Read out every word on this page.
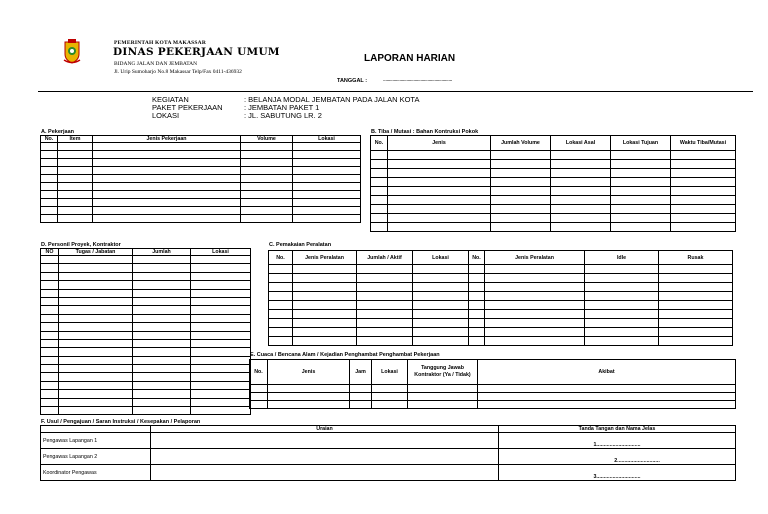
PEMERINTAH KOTA MAKASSAR
DINAS PEKERJAAN UMUM
BIDANG JALAN DAN JEMBATAN
Jl. Urip Sumoharjo No.8 Makassar Telp/Fax 0411-436932
LAPORAN HARIAN
TANGGAL :	...........................................................
KEGIATAN	: BELANJA MODAL JEMBATAN PADA JALAN KOTA
PAKET PEKERJAAN	: JEMBATAN PAKET 1
LOKASI	: JL. SABUTUNG LR. 2
A. Pekerjaan
No.	Item	Jenis Pekerjaan	Volume	Lokasi

B. Tiba / Mutasi : Bahan Kontruksi Pokok
No.	Jenis	Jumlah Volume	Lokasi Asal	Lokasi Tujuan	Waktu Tiba/Mutasi

D. Personil Proyek, Kontraktor
NO	Tugas / Jabatan	Jumlah	Lokasi

C. Pemakaian Peralatan
No.	Jenis Peralatan	Jumlah / Aktif	Lokasi	No.	Jenis Peralatan	Idle	Rusak

E. Cuaca / Bencana Alam / Kejadian Penghambat Penghambat Pekerjaan
No.	Jenis	Jam	Lokasi	Tanggung Jawab Kontraktor (Ya / Tidak)	Akibat

F. Usul / Pengajuan / Saran Instruksi / Kesepakan / Pelaporan
	Uraian	Tanda Tangan dan Nama Jelas
Pengawas Lapangan 1		1..............................
Pengawas Lapangan 2		2.............................
Koordinator Pengawas		3..............................
